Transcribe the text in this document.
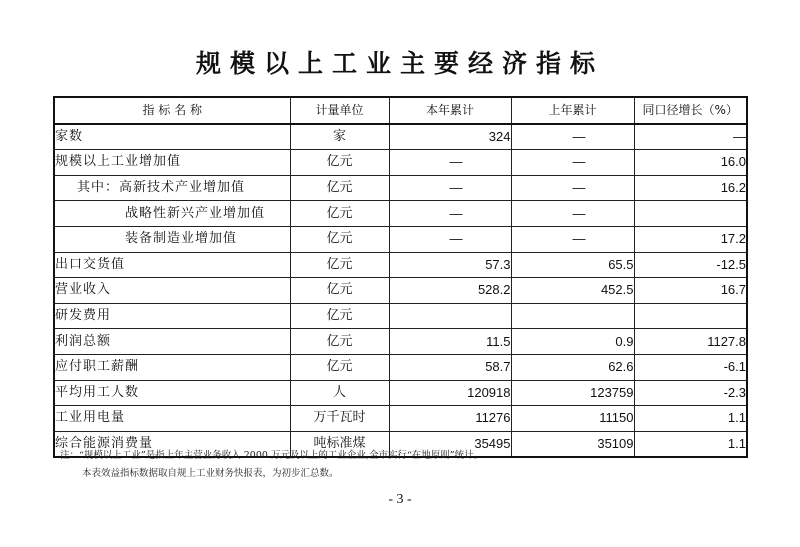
规模以上工业主要经济指标
指 标 名 称	计量单位	本年累计	上年累计	同口径增长（%）
家数	家	324	—	—
规模以上工业增加值	亿元	—	—	16.0
其中：高新技术产业增加值	亿元	—	—	16.2
战略性新兴产业增加值	亿元	—	—	
装备制造业增加值	亿元	—	—	17.2
出口交货值	亿元	57.3	65.5	-12.5
营业收入	亿元	528.2	452.5	16.7
研发费用	亿元			
利润总额	亿元	11.5	0.9	1127.8
应付职工薪酬	亿元	58.7	62.6	-6.1
平均用工人数	人	120918	123759	-2.3
工业用电量	万千瓦时	11276	11150	1.1
综合能源消费量	吨标准煤	35495	35109	1.1
注：“规模以上工业”是指上年主营业务收入 2000 万元及以上的工业企业,全市实行“在地原则”统计。
本表效益指标数据取自规上工业财务快报表，为初步汇总数。
- 3 -
